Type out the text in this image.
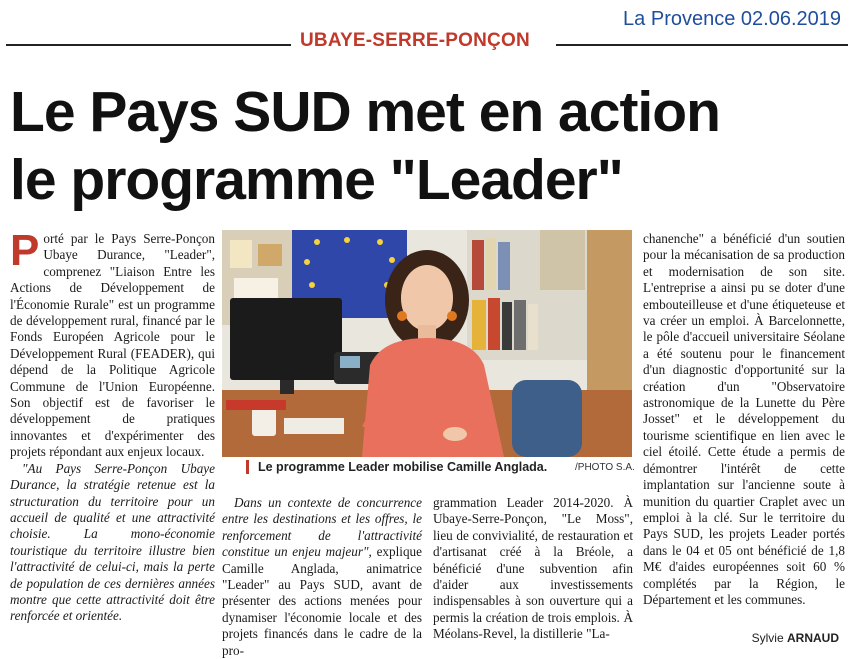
La Provence 02.06.2019
UBAYE-SERRE-PONÇON
Le Pays SUD met en action
le programme "Leader"

Porté par le Pays Serre-Ponçon Ubaye Durance, "Leader", comprenez "Liaison Entre les Actions de Développement de l'Économie Rurale" est un programme de développement rural, financé par le Fonds Européen Agricole pour le Développement Rural (FEADER), qui dépend de la Politique Agricole Commune de l'Union Européenne. Son objectif est de favoriser le développement de pratiques innovantes et d'expérimenter des projets répondant aux enjeux locaux.

"Au Pays Serre-Ponçon Ubaye Durance, la stratégie retenue est la structuration du territoire pour un accueil de qualité et une attractivité choisie. La mono-économie touristique du territoire illustre bien l'attractivité de celui-ci, mais la perte de population de ces dernières années montre que cette attractivité doit être renforcée et orientée.

Le programme Leader mobilise Camille Anglada.	/PHOTO S.A.

Dans un contexte de concurrence entre les destinations et les offres, le renforcement de l'attractivité constitue un enjeu majeur", explique Camille Anglada, animatrice "Leader" au Pays SUD, avant de présenter des actions menées pour dynamiser l'économie locale et des projets financés dans le cadre de la pro-

grammation Leader 2014-2020. À Ubaye-Serre-Ponçon, "Le Moss", lieu de convivialité, de restauration et d'artisanat créé à la Bréole, a bénéficié d'une subvention afin d'aider aux investissements indispensables à son ouverture qui a permis la création de trois emplois. À Méolans-Revel, la distillerie "La-

chanenche" a bénéficié d'un soutien pour la mécanisation de sa production et modernisation de son site. L'entreprise a ainsi pu se doter d'une embouteilleuse et d'une étiqueteuse et va créer un emploi. À Barcelonnette, le pôle d'accueil universitaire Séolane a été soutenu pour le financement d'un diagnostic d'opportunité sur la création d'un "Observatoire astronomique de la Lunette du Père Josset" et le développement du tourisme scientifique en lien avec le ciel étoilé. Cette étude a permis de démontrer l'intérêt de cette implantation sur l'ancienne soute à munition du quartier Craplet avec un emploi à la clé. Sur le territoire du Pays SUD, les projets Leader portés dans le 04 et 05 ont bénéficié de 1,8 M€ d'aides européennes soit 60 % complétés par la Région, le Département et les communes.

Sylvie ARNAUD
